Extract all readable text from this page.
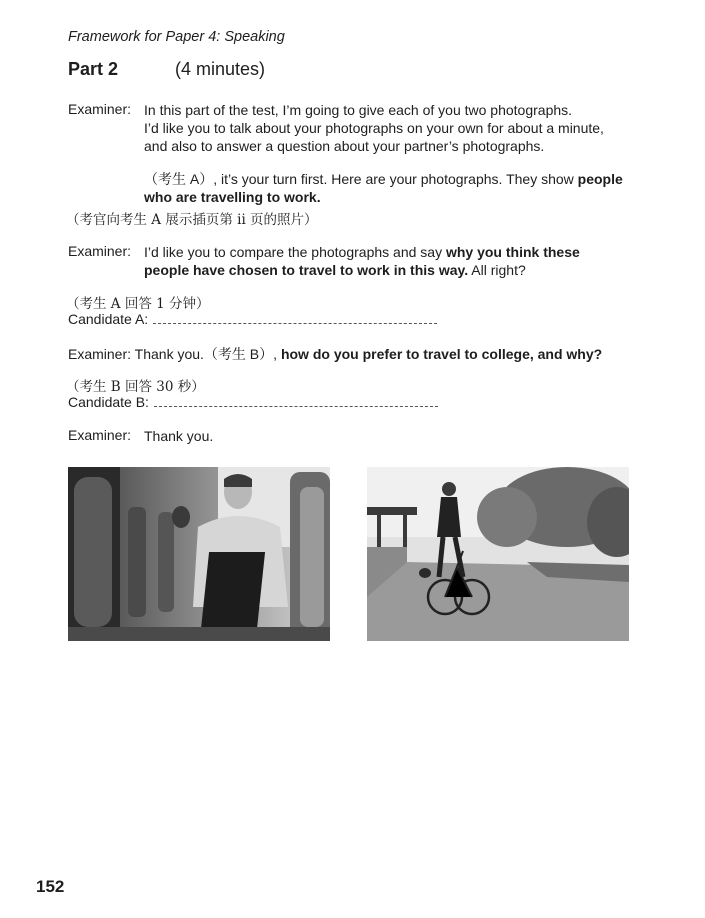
Framework for Paper 4: Speaking
Part 2	(4 minutes)
Examiner: In this part of the test, I’m going to give each of you two photographs.
I’d like you to talk about your photographs on your own for about a minute,
and also to answer a question about your partner’s photographs.
（考生 A）, it’s your turn first. Here are your photographs. They show people
who are travelling to work.
（考官向考生 A 展示插页第 ii 页的照片）
Examiner: I’d like you to compare the photographs and say why you think these
people have chosen to travel to work in this way. All right?
（考生 A 回答 1 分钟）
Candidate A:
Examiner: Thank you.（考生 B）, how do you prefer to travel to college, and why?
（考生 B 回答 30 秒）
Candidate B:
Examiner: Thank you.
152
